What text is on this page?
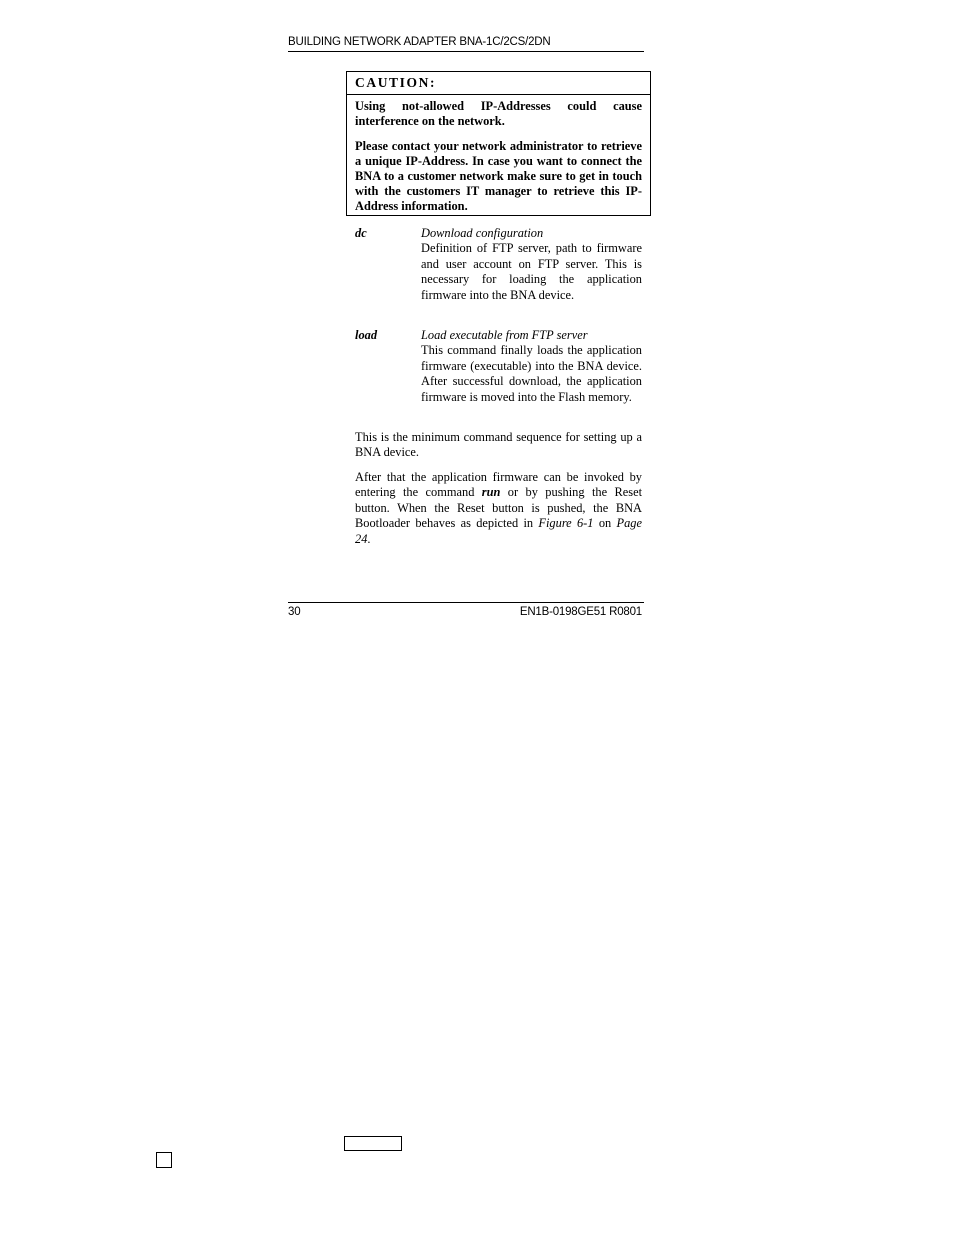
BUILDING NETWORK ADAPTER BNA-1C/2CS/2DN
CAUTION:

Using not-allowed IP-Addresses could cause interference on the network.

Please contact your network administrator to retrieve a unique IP-Address. In case you want to connect the BNA to a customer network make sure to get in touch with the customers IT manager to retrieve this IP-Address information.

dc	Download configuration
Definition of FTP server, path to firmware and user account on FTP server. This is necessary for loading the application firmware into the BNA device.
load	Load executable from FTP server
This command finally loads the application firmware (executable) into the BNA device. After successful download, the application firmware is moved into the Flash memory.

This is the minimum command sequence for setting up a BNA device.

After that the application firmware can be invoked by entering the command run or by pushing the Reset button. When the Reset button is pushed, the BNA Bootloader behaves as depicted in Figure 6-1 on Page 24.

30	EN1B-0198GE51 R0801
